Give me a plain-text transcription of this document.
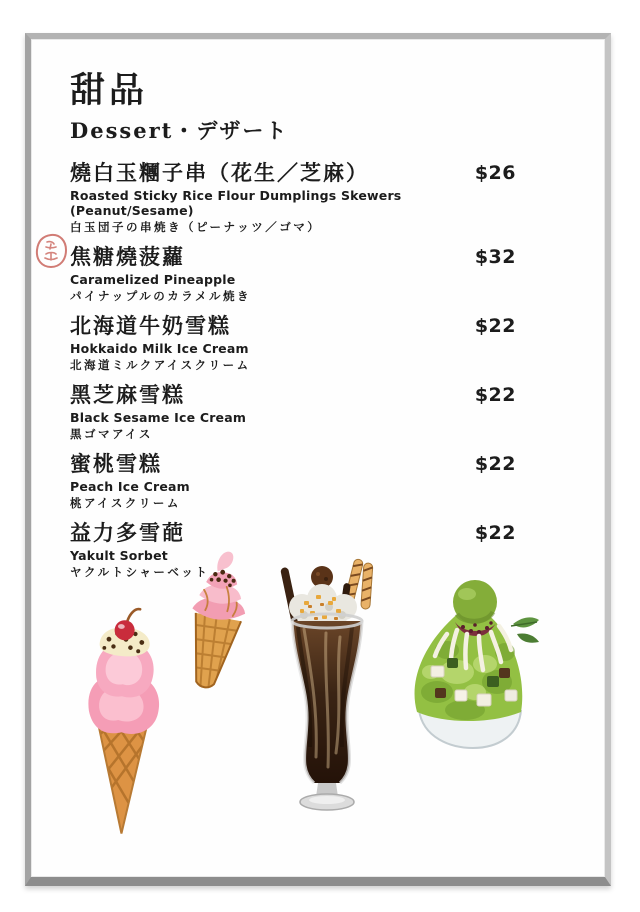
甜品
Dessert・デザート
燒白玉糰子串（花生／芝麻）	$26
Roasted Sticky Rice Flour Dumplings Skewers (Peanut/Sesame)
白玉団子の串焼き（ピーナッツ／ゴマ）
焦糖燒菠蘿	$32
Caramelized Pineapple
パイナップルのカラメル焼き
北海道牛奶雪糕	$22
Hokkaido Milk Ice Cream
北海道ミルクアイスクリーム
黑芝麻雪糕	$22
Black Sesame Ice Cream
黒ゴマアイス
蜜桃雪糕	$22
Peach Ice Cream
桃アイスクリーム
益力多雪葩	$22
Yakult Sorbet
ヤクルトシャーベット
